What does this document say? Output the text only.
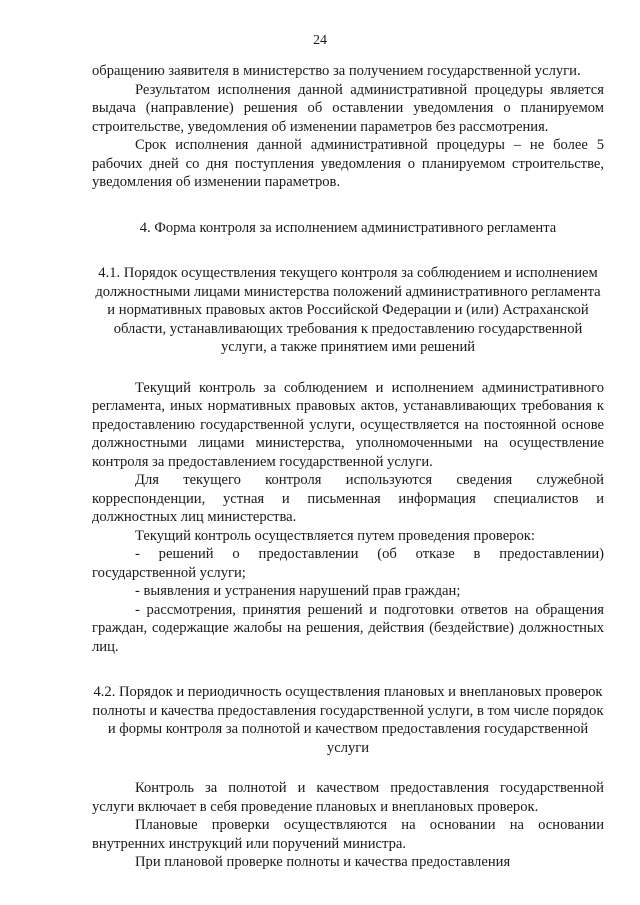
24

обращению заявителя в министерство за получением государственной услуги.

Результатом исполнения данной административной процедуры является выдача (направление) решения об оставлении уведомления о планируемом строительстве, уведомления об изменении параметров без рассмотрения.

Срок исполнения данной административной процедуры – не более 5 рабочих дней со дня поступления уведомления о планируемом строительстве, уведомления об изменении параметров.

4. Форма контроля за исполнением административного регламента

4.1. Порядок осуществления текущего контроля за соблюдением и исполнением должностными лицами министерства положений административного регламента и нормативных правовых актов Российской Федерации и (или) Астраханской области, устанавливающих требования к предоставлению государственной услуги, а также принятием ими решений

Текущий контроль за соблюдением и исполнением административного регламента, иных нормативных правовых актов, устанавливающих требования к предоставлению государственной услуги, осуществляется на постоянной основе должностными лицами министерства, уполномоченными на осуществление контроля за предоставлением государственной услуги.

Для текущего контроля используются сведения служебной корреспонденции, устная и письменная информация специалистов и должностных лиц министерства.

Текущий контроль осуществляется путем проведения проверок:

- решений о предоставлении (об отказе в предоставлении) государственной услуги;

- выявления и устранения нарушений прав граждан;

- рассмотрения, принятия решений и подготовки ответов на обращения граждан, содержащие жалобы на решения, действия (бездействие) должностных лиц.

4.2. Порядок и периодичность осуществления плановых и внеплановых проверок полноты и качества предоставления государственной услуги, в том числе порядок и формы контроля за полнотой и качеством предоставления государственной услуги

Контроль за полнотой и качеством предоставления государственной услуги включает в себя проведение плановых и внеплановых проверок.

Плановые проверки осуществляются на основании на основании внутренних инструкций или поручений министра.

При плановой проверке полноты и качества предоставления
